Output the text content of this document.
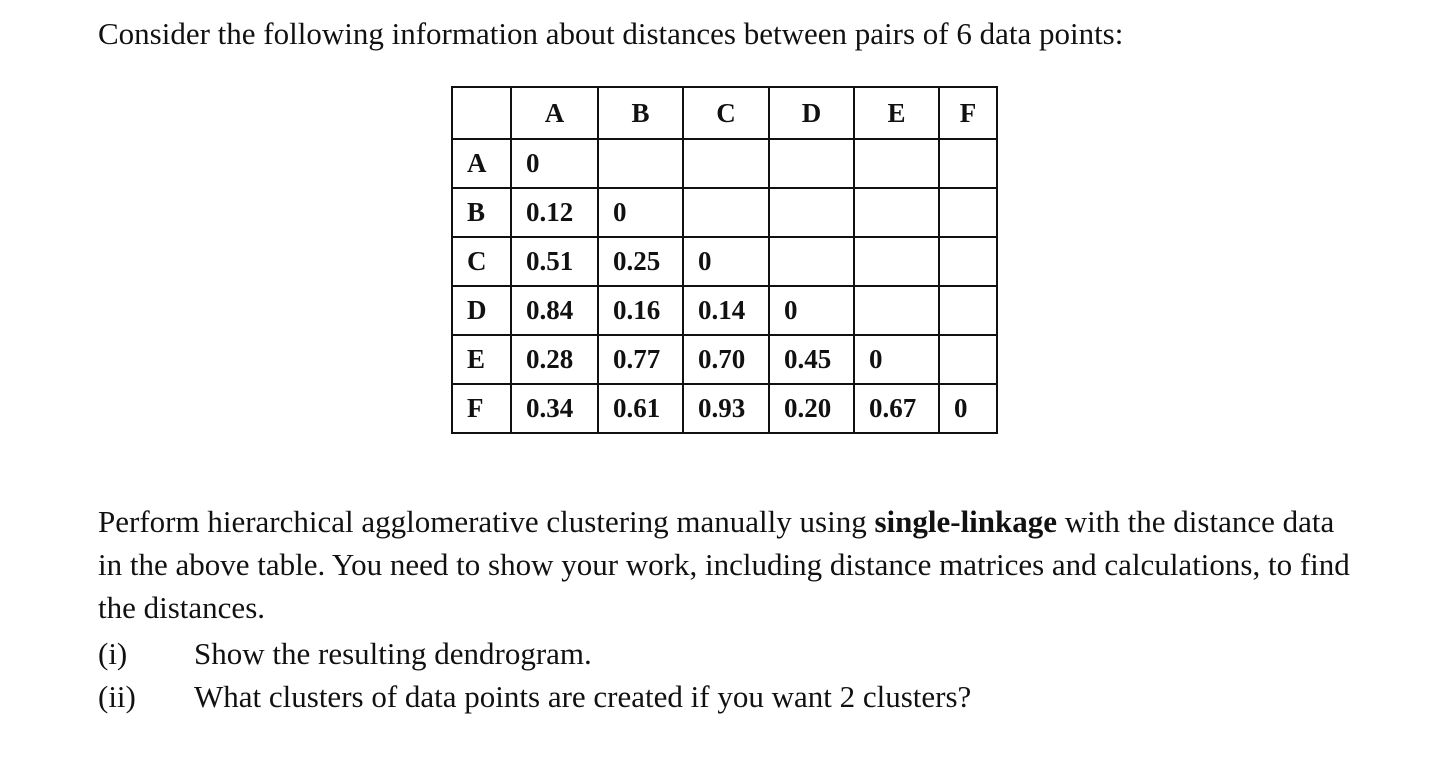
Consider the following information about distances between pairs of 6 data points:

	A	B	C	D	E	F
A	0					
B	0.12	0				
C	0.51	0.25	0			
D	0.84	0.16	0.14	0		
E	0.28	0.77	0.70	0.45	0	
F	0.34	0.61	0.93	0.20	0.67	0

Perform hierarchical agglomerative clustering manually using single-linkage with the distance data in the above table. You need to show your work, including distance matrices and calculations, to find the distances.

(i)	Show the resulting dendrogram.
(ii)	What clusters of data points are created if you want 2 clusters?
